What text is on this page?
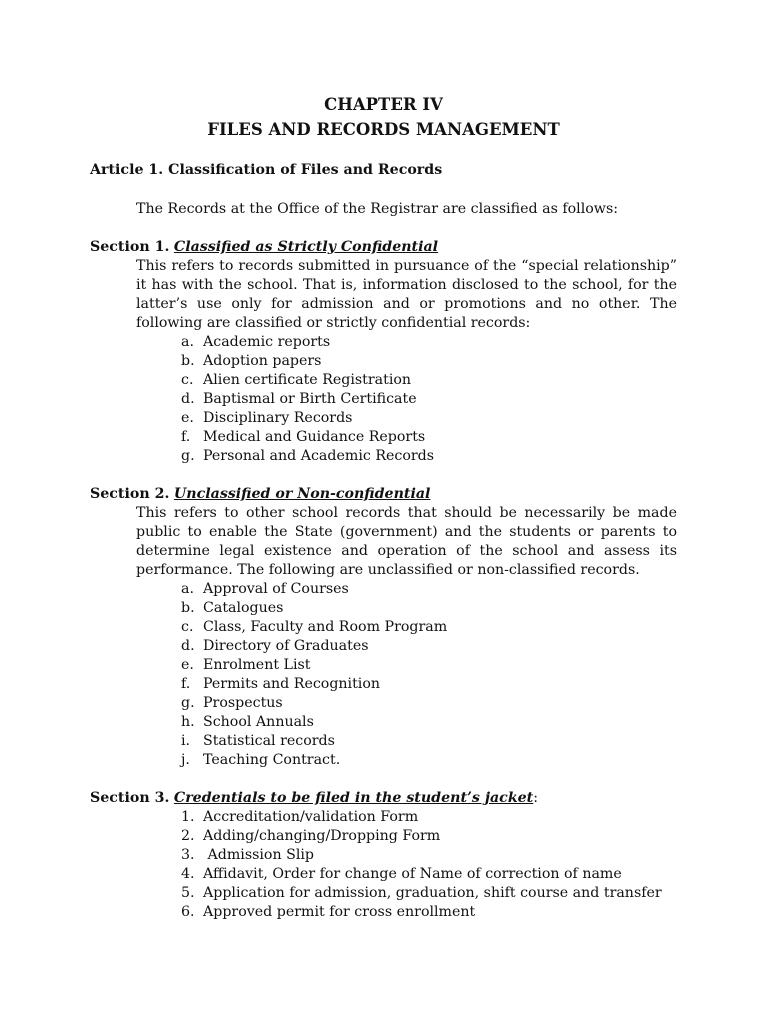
CHAPTER IV
FILES AND RECORDS MANAGEMENT
Article 1. Classification of Files and Records
The Records at the Office of the Registrar are classified as follows:
Section 1. Classified as Strictly Confidential
This refers to records submitted in pursuance of the “special relationship” it has with the school. That is, information disclosed to the school, for the latter’s use only for admission and or promotions and no other. The following are classified or strictly confidential records:
a. Academic reports
b. Adoption papers
c. Alien certificate Registration
d. Baptismal or Birth Certificate
e. Disciplinary Records
f. Medical and Guidance Reports
g. Personal and Academic Records
Section 2. Unclassified or Non-confidential
This refers to other school records that should be necessarily be made public to enable the State (government) and the students or parents to determine legal existence and operation of the school and assess its performance. The following are unclassified or non-classified records.
a. Approval of Courses
b. Catalogues
c. Class, Faculty and Room Program
d. Directory of Graduates
e. Enrolment List
f. Permits and Recognition
g. Prospectus
h. School Annuals
i. Statistical records
j. Teaching Contract.
Section 3. Credentials to be filed in the student’s jacket:
1. Accreditation/validation Form
2. Adding/changing/Dropping Form
3. Admission Slip
4. Affidavit, Order for change of Name of correction of name
5. Application for admission, graduation, shift course and transfer
6. Approved permit for cross enrollment
